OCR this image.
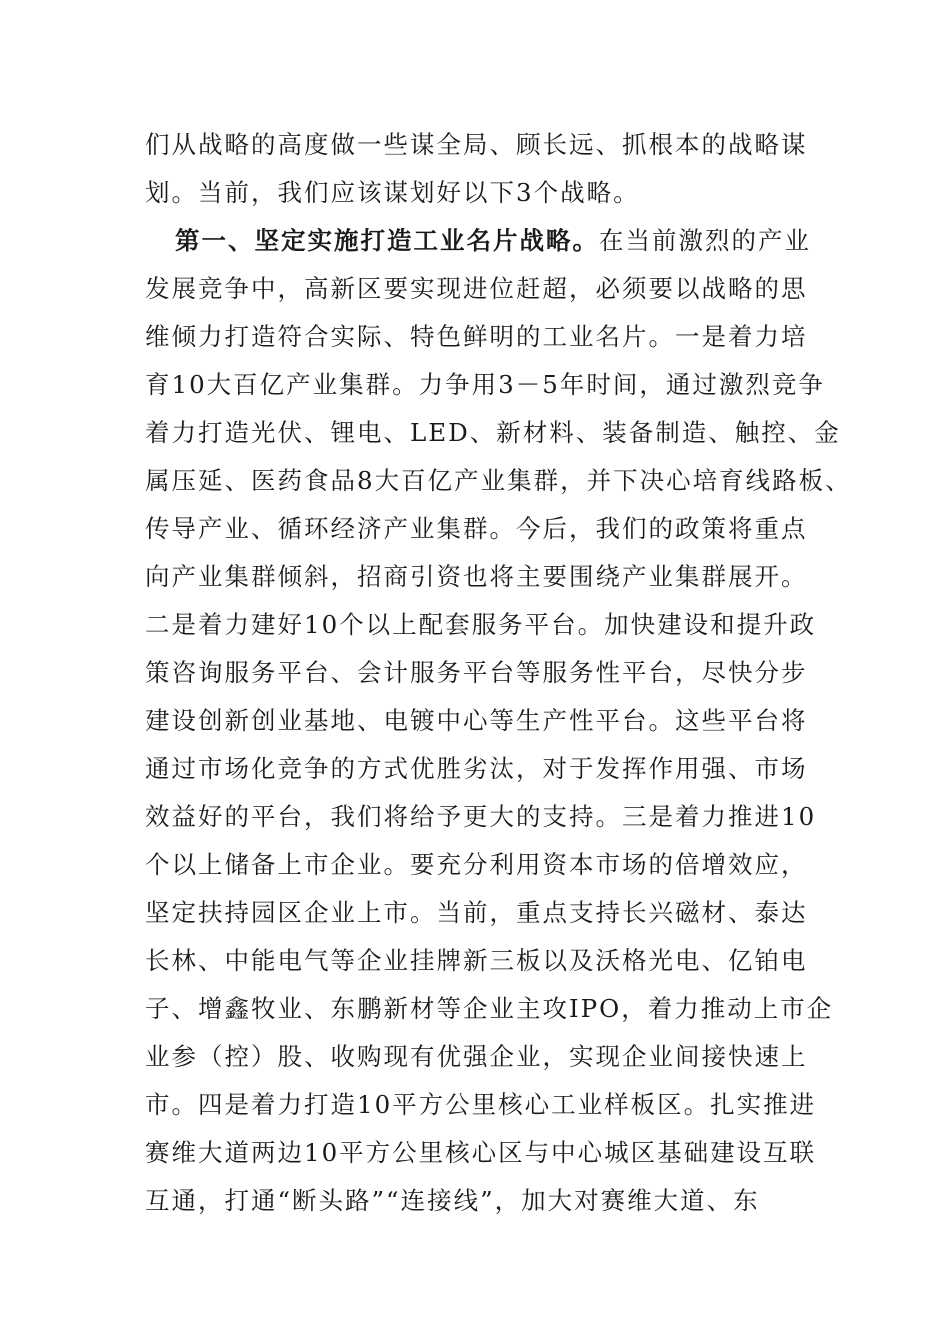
们从战略的高度做一些谋全局、顾长远、抓根本的战略谋
划。当前，我们应该谋划好以下3个战略。
第一、坚定实施打造工业名片战略。在当前激烈的产业
发展竞争中，高新区要实现进位赶超，必须要以战略的思
维倾力打造符合实际、特色鲜明的工业名片。一是着力培
育10大百亿产业集群。力争用3－5年时间，通过激烈竞争
着力打造光伏、锂电、LED、新材料、装备制造、触控、金
属压延、医药食品8大百亿产业集群，并下决心培育线路板、
传导产业、循环经济产业集群。今后，我们的政策将重点
向产业集群倾斜，招商引资也将主要围绕产业集群展开。
二是着力建好10个以上配套服务平台。加快建设和提升政
策咨询服务平台、会计服务平台等服务性平台，尽快分步
建设创新创业基地、电镀中心等生产性平台。这些平台将
通过市场化竞争的方式优胜劣汰，对于发挥作用强、市场
效益好的平台，我们将给予更大的支持。三是着力推进10
个以上储备上市企业。要充分利用资本市场的倍增效应，
坚定扶持园区企业上市。当前，重点支持长兴磁材、泰达
长林、中能电气等企业挂牌新三板以及沃格光电、亿铂电
子、增鑫牧业、东鹏新材等企业主攻IPO，着力推动上市企
业参（控）股、收购现有优强企业，实现企业间接快速上
市。四是着力打造10平方公里核心工业样板区。扎实推进
赛维大道两边10平方公里核心区与中心城区基础建设互联
互通，打通“断头路”“连接线”，加大对赛维大道、东
